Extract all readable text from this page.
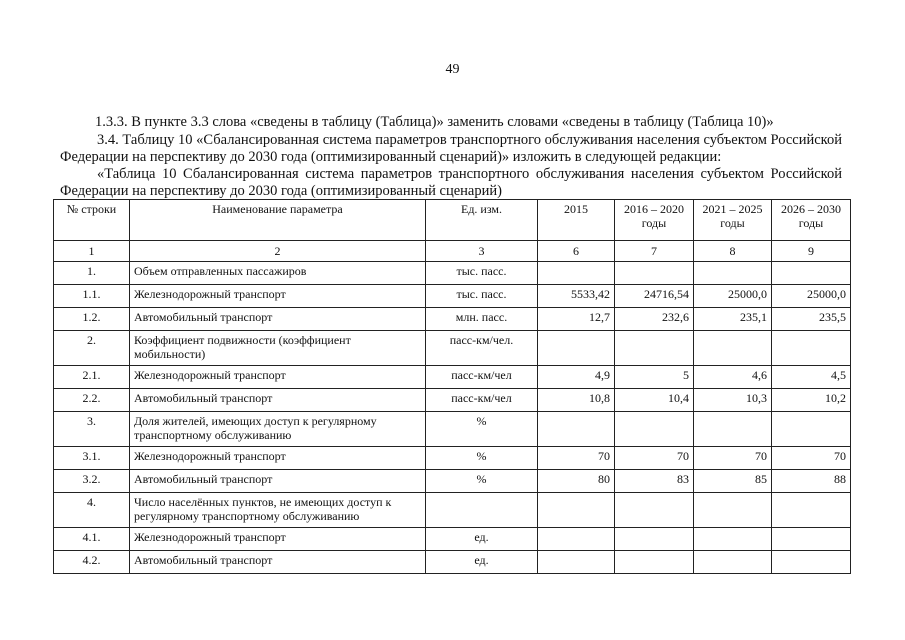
49
1.3.3. В пункте 3.3 слова «сведены в таблицу (Таблица)» заменить словами «сведены в таблицу (Таблица 10)»
3.4. Таблицу 10 «Сбалансированная система параметров транспортного обслуживания населения субъектом Российской Федерации на перспективу до 2030 года (оптимизированный сценарий)» изложить в следующей редакции:
«Таблица 10 Сбалансированная система параметров транспортного обслуживания населения субъектом Российской Федерации на перспективу до 2030 года (оптимизированный сценарий)
№ строки	Наименование параметра	Ед. изм.	2015	2016 – 2020 годы	2021 – 2025 годы	2026 – 2030 годы
1	2	3	6	7	8	9
1.	Объем отправленных пассажиров	тыс. пасс.				
1.1.	Железнодорожный транспорт	тыс. пасс.	5533,42	24716,54	25000,0	25000,0
1.2.	Автомобильный транспорт	млн. пасс.	12,7	232,6	235,1	235,5
2.	Коэффициент подвижности (коэффициент мобильности)	пасс-км/чел.				
2.1.	Железнодорожный транспорт	пасс-км/чел	4,9	5	4,6	4,5
2.2.	Автомобильный транспорт	пасс-км/чел	10,8	10,4	10,3	10,2
3.	Доля жителей, имеющих доступ к регулярному транспортному обслуживанию	%				
3.1.	Железнодорожный транспорт	%	70	70	70	70
3.2.	Автомобильный транспорт	%	80	83	85	88
4.	Число населённых пунктов, не имеющих доступ к регулярному транспортному обслуживанию					
4.1.	Железнодорожный транспорт	ед.				
4.2.	Автомобильный транспорт	ед.				
